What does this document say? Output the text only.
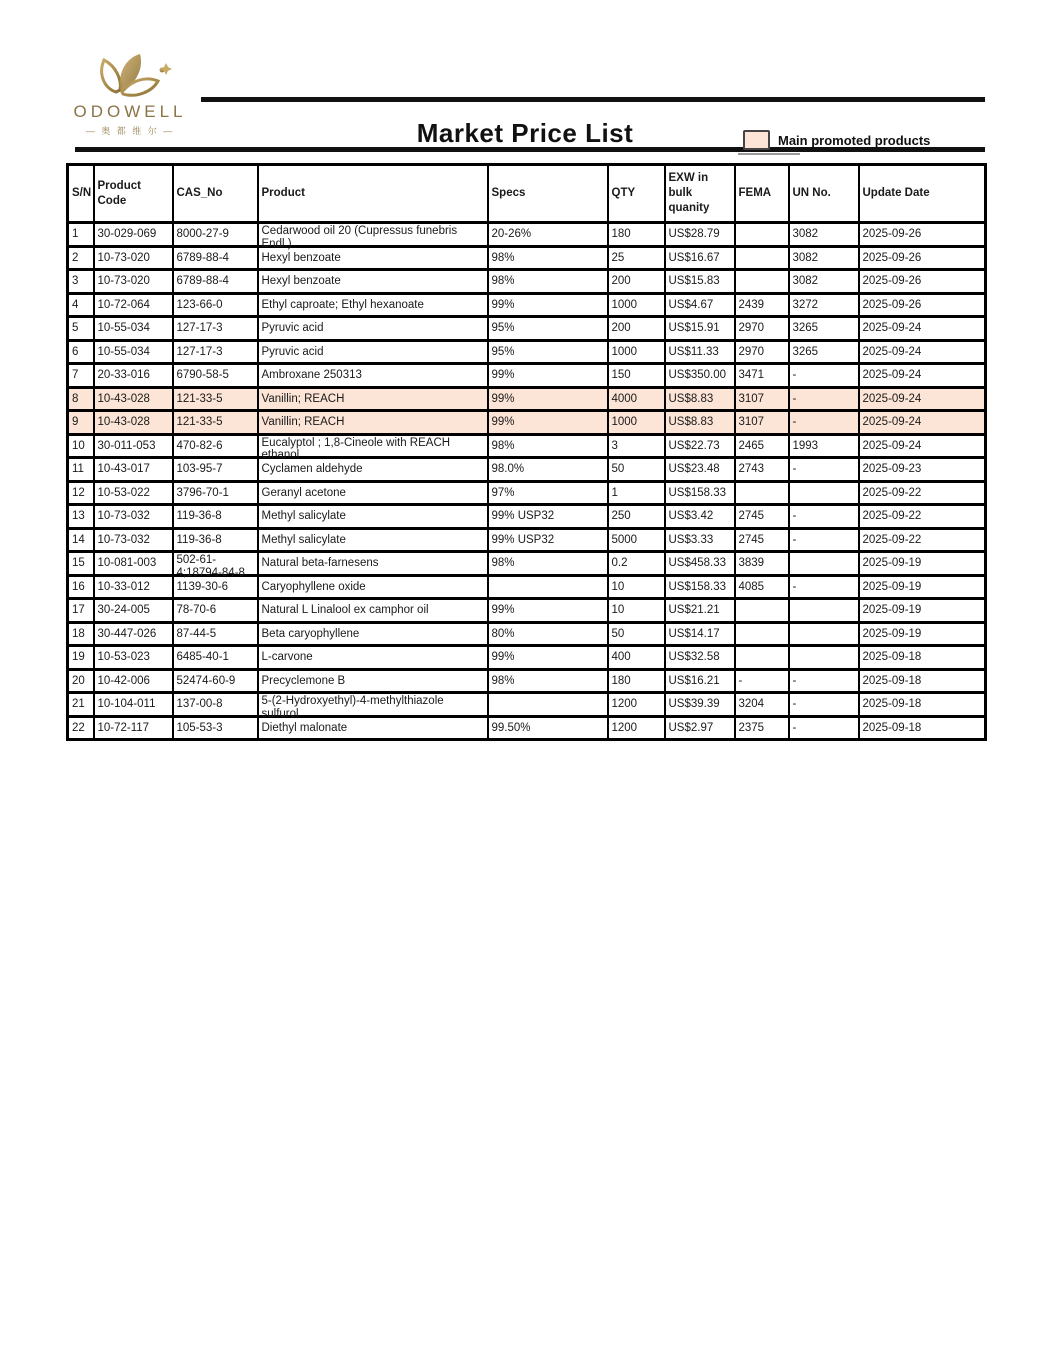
ODOWELL
— 奥 都 维 尔 —	Market Price List	Main promoted products
S/N	Product Code	CAS_No	Product	Specs	QTY	EXW in bulk quanity	FEMA	UN No.	Update Date
1	30-029-069	8000-27-9	Cedarwood oil 20 (Cupressus funebris
Endl.)	20-26%	180	US$28.79		3082	2025-09-26
2	10-73-020	6789-88-4	Hexyl benzoate	98%	25	US$16.67		3082	2025-09-26
3	10-73-020	6789-88-4	Hexyl benzoate	98%	200	US$15.83		3082	2025-09-26
4	10-72-064	123-66-0	Ethyl caproate; Ethyl hexanoate	99%	1000	US$4.67	2439	3272	2025-09-26
5	10-55-034	127-17-3	Pyruvic acid	95%	200	US$15.91	2970	3265	2025-09-24
6	10-55-034	127-17-3	Pyruvic acid	95%	1000	US$11.33	2970	3265	2025-09-24
7	20-33-016	6790-58-5	Ambroxane 250313	99%	150	US$350.00	3471	-	2025-09-24
8	10-43-028	121-33-5	Vanillin; REACH	99%	4000	US$8.83	3107	-	2025-09-24
9	10-43-028	121-33-5	Vanillin; REACH	99%	1000	US$8.83	3107	-	2025-09-24
10	30-011-053	470-82-6	Eucalyptol ; 1,8-Cineole with REACH
ethanol	98%	3	US$22.73	2465	1993	2025-09-24
11	10-43-017	103-95-7	Cyclamen aldehyde	98.0%	50	US$23.48	2743	-	2025-09-23
12	10-53-022	3796-70-1	Geranyl acetone	97%	1	US$158.33			2025-09-22
13	10-73-032	119-36-8	Methyl salicylate	99% USP32	250	US$3.42	2745	-	2025-09-22
14	10-73-032	119-36-8	Methyl salicylate	99% USP32	5000	US$3.33	2745	-	2025-09-22
15	10-081-003	502-61-
4;18794-84-8	Natural beta-farnesens	98%	0.2	US$458.33	3839		2025-09-19
16	10-33-012	1139-30-6	Caryophyllene oxide		10	US$158.33	4085	-	2025-09-19
17	30-24-005	78-70-6	Natural L Linalool ex camphor oil	99%	10	US$21.21			2025-09-19
18	30-447-026	87-44-5	Beta caryophyllene	80%	50	US$14.17			2025-09-19
19	10-53-023	6485-40-1	L-carvone	99%	400	US$32.58			2025-09-18
20	10-42-006	52474-60-9	Precyclemone B	98%	180	US$16.21	-	-	2025-09-18
21	10-104-011	137-00-8	5-(2-Hydroxyethyl)-4-methylthiazole
sulfurol		1200	US$39.39	3204	-	2025-09-18
22	10-72-117	105-53-3	Diethyl malonate	99.50%	1200	US$2.97	2375	-	2025-09-18
